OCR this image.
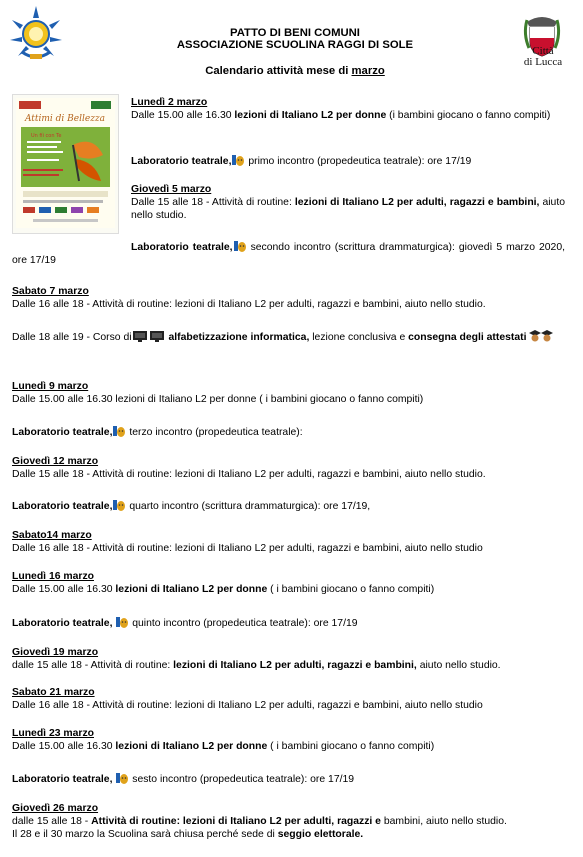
PATTO DI BENI COMUNI
ASSOCIAZIONE SCUOLINA RAGGI DI SOLE
Calendario attività mese di marzo
Città
di Lucca
Attimi di Bellezza
Un fiì con Te
Lunedì 2 marzo
Dalle 15.00 alle 16.30 lezioni di Italiano L2 per donne (i bambini giocano o fanno compiti)
Laboratorio teatrale, primo incontro (propedeutica teatrale): ore 17/19
Giovedì 5 marzo
Dalle 15 alle 18 - Attività di routine: lezioni di Italiano L2 per adulti, ragazzi e bambini, aiuto nello studio.
Laboratorio teatrale, secondo incontro (scrittura drammaturgica): giovedì 5 marzo 2020, ore 17/19
Sabato 7 marzo
Dalle 16 alle 18 - Attività di routine: lezioni di Italiano L2 per adulti, ragazzi e bambini, aiuto nello studio.
Dalle 18 alle 19 - Corso di	alfabetizzazione informatica, lezione conclusiva e consegna degli attestati
Lunedì 9 marzo
Dalle 15.00 alle 16.30 lezioni di Italiano L2 per donne ( i bambini giocano o fanno compiti)
Laboratorio teatrale, terzo incontro (propedeutica teatrale):
Giovedì 12 marzo
Dalle 15 alle 18 - Attività di routine: lezioni di Italiano L2 per adulti, ragazzi e bambini, aiuto nello studio.
Laboratorio teatrale, quarto incontro (scrittura drammaturgica): ore 17/19,
Sabato14 marzo
Dalle 16 alle 18 - Attività di routine: lezioni di Italiano L2 per adulti, ragazzi e bambini, aiuto nello studio
Lunedì 16 marzo
Dalle 15.00 alle 16.30 lezioni di Italiano L2 per donne ( i bambini giocano o fanno compiti)
Laboratorio teatrale,  quinto incontro (propedeutica teatrale): ore 17/19
Giovedì 19 marzo
dalle 15 alle 18 - Attività di routine: lezioni di Italiano L2 per adulti, ragazzi e bambini, aiuto nello studio.
Sabato 21 marzo
Dalle 16 alle 18 - Attività di routine: lezioni di Italiano L2 per adulti, ragazzi e bambini, aiuto nello studio
Lunedì 23 marzo
Dalle 15.00 alle 16.30 lezioni di Italiano L2 per donne ( i bambini giocano o fanno compiti)
Laboratorio teatrale,  sesto incontro (propedeutica teatrale): ore 17/19
Giovedì 26 marzo
dalle 15 alle 18 - Attività di routine: lezioni di Italiano L2 per adulti, ragazzi e bambini, aiuto nello studio.
Il 28 e il 30 marzo la Scuolina sarà chiusa perché sede di seggio elettorale.
